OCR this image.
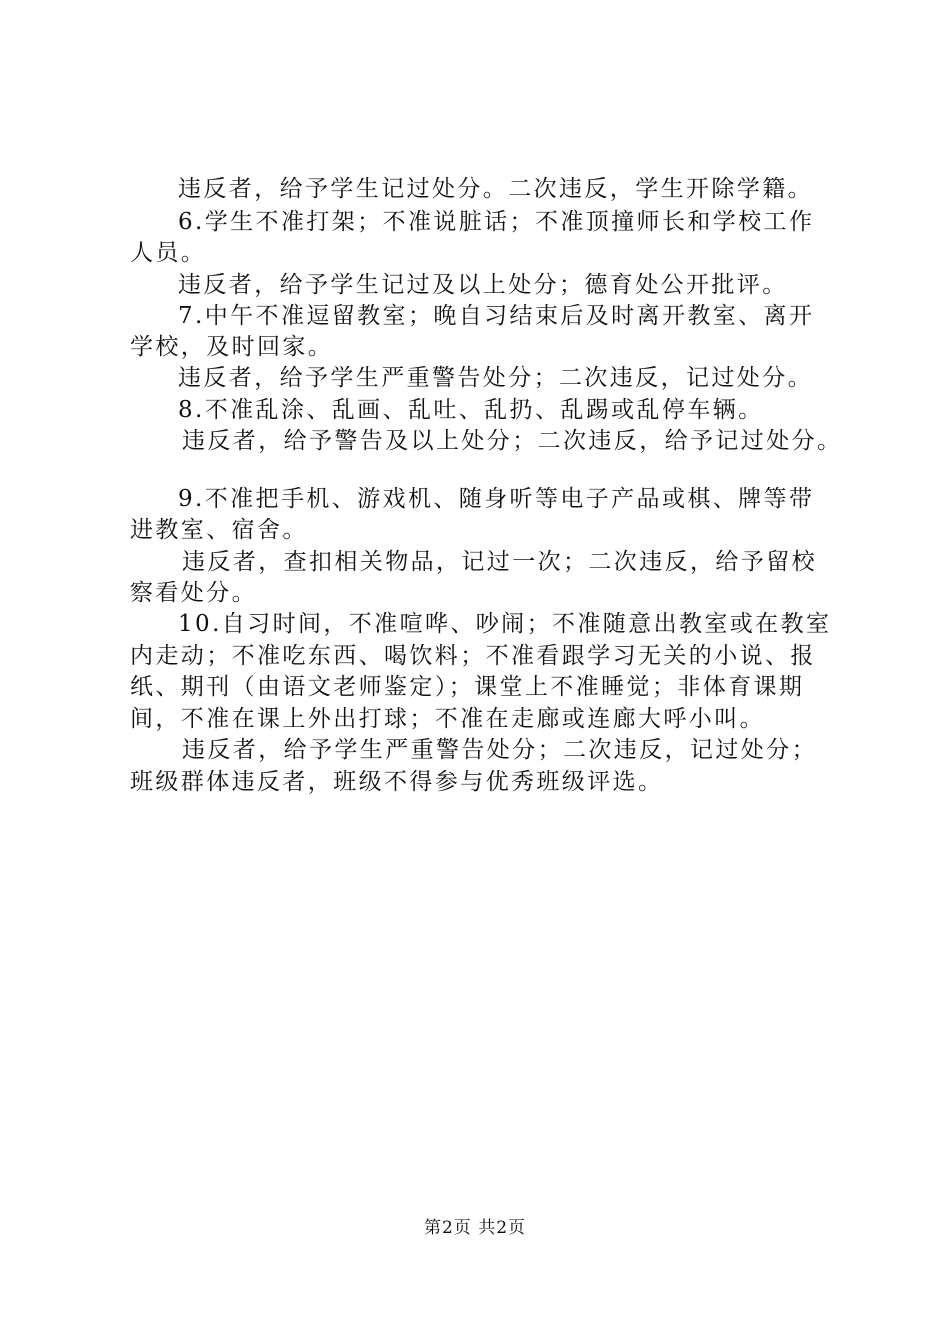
违反者，给予学生记过处分。二次违反，学生开除学籍。
6.学生不准打架；不准说脏话；不准顶撞师长和学校工作
人员。
违反者，给予学生记过及以上处分；德育处公开批评。
7.中午不准逗留教室；晚自习结束后及时离开教室、离开
学校，及时回家。
违反者，给予学生严重警告处分；二次违反，记过处分。
8.不准乱涂、乱画、乱吐、乱扔、乱踢或乱停车辆。
违反者，给予警告及以上处分；二次违反，给予记过处分。
9.不准把手机、游戏机、随身听等电子产品或棋、牌等带
进教室、宿舍。
违反者，查扣相关物品，记过一次；二次违反，给予留校
察看处分。
10.自习时间，不准喧哗、吵闹；不准随意出教室或在教室
内走动；不准吃东西、喝饮料；不准看跟学习无关的小说、报
纸、期刊（由语文老师鉴定）；课堂上不准睡觉；非体育课期
间，不准在课上外出打球；不准在走廊或连廊大呼小叫。
违反者，给予学生严重警告处分；二次违反，记过处分；
班级群体违反者，班级不得参与优秀班级评选。
第2页 共2页
